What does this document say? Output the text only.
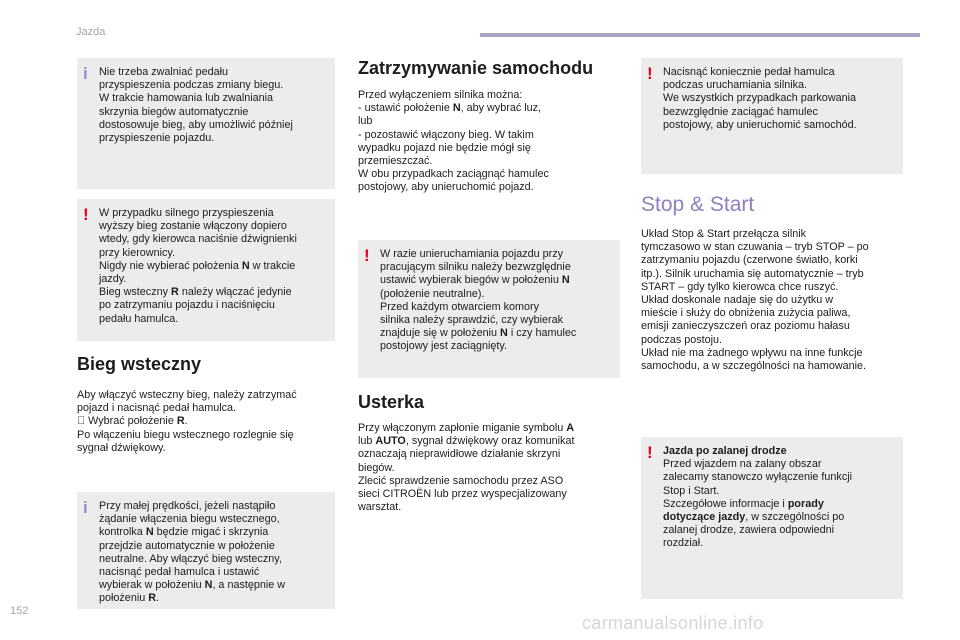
Jazda
i Nie trzeba zwalniać pedału
przyspieszenia podczas zmiany biegu.
W trakcie hamowania lub zwalniania
skrzynia biegów automatycznie
dostosowuje bieg, aby umożliwić później
przyspieszenie pojazdu.
! W przypadku silnego przyspieszenia
wyższy bieg zostanie włączony dopiero
wtedy, gdy kierowca naciśnie dźwignienki
przy kierownicy.
Nigdy nie wybierać położenia N w trakcie
jazdy.
Bieg wsteczny R należy włączać jedynie
po zatrzymaniu pojazdu i naciśnięciu
pedału hamulca.
Bieg wsteczny
Aby włączyć wsteczny bieg, należy zatrzymać
pojazd i nacisnąć pedał hamulca.
Wybrać położenie R.
Po włączeniu biegu wstecznego rozlegnie się
sygnał dźwiękowy.
i Przy małej prędkości, jeżeli nastąpiło
żądanie włączenia biegu wstecznego,
kontrolka N będzie migać i skrzynia
przejdzie automatycznie w położenie
neutralne. Aby włączyć bieg wsteczny,
nacisnąć pedał hamulca i ustawić
wybierak w położeniu N, a następnie w
położeniu R.
Zatrzymywanie samochodu
Przed wyłączeniem silnika można:
- ustawić położenie N, aby wybrać luz,
lub
- pozostawić włączony bieg. W takim
wypadku pojazd nie będzie mógł się
przemieszczać.
W obu przypadkach zaciągnąć hamulec
postojowy, aby unieruchomić pojazd.
! W razie unieruchamiania pojazdu przy
pracującym silniku należy bezwzględnie
ustawić wybierak biegów w położeniu N
(położenie neutralne).
Przed każdym otwarciem komory
silnika należy sprawdzić, czy wybierak
znajduje się w położeniu N i czy hamulec
postojowy jest zaciągnięty.
Usterka
Przy włączonym zapłonie miganie symbolu A
lub AUTO, sygnał dźwiękowy oraz komunikat
oznaczają nieprawidłowe działanie skrzyni
biegów.
Zlecić sprawdzenie samochodu przez ASO
sieci CITROËN lub przez wyspecjalizowany
warsztat.
! Nacisnąć koniecznie pedał hamulca
podczas uruchamiania silnika.
We wszystkich przypadkach parkowania
bezwzględnie zaciągać hamulec
postojowy, aby unieruchomić samochód.
Stop & Start
Układ Stop & Start przełącza silnik
tymczasowo w stan czuwania – tryb STOP – po
zatrzymaniu pojazdu (czerwone światło, korki
itp.). Silnik uruchamia się automatycznie – tryb
START – gdy tylko kierowca chce ruszyć.
Układ doskonale nadaje się do użytku w
mieście i służy do obniżenia zużycia paliwa,
emisji zanieczyszczeń oraz poziomu hałasu
podczas postoju.
Układ nie ma żadnego wpływu na inne funkcje
samochodu, a w szczególności na hamowanie.
! Jazda po zalanej drodze
Przed wjazdem na zalany obszar
zalecamy stanowczo wyłączenie funkcji
Stop i Start.
Szczegółowe informacje i porady
dotyczące jazdy, w szczególności po
zalanej drodze, zawiera odpowiedni
rozdział.
152
carmanualsonline.info
